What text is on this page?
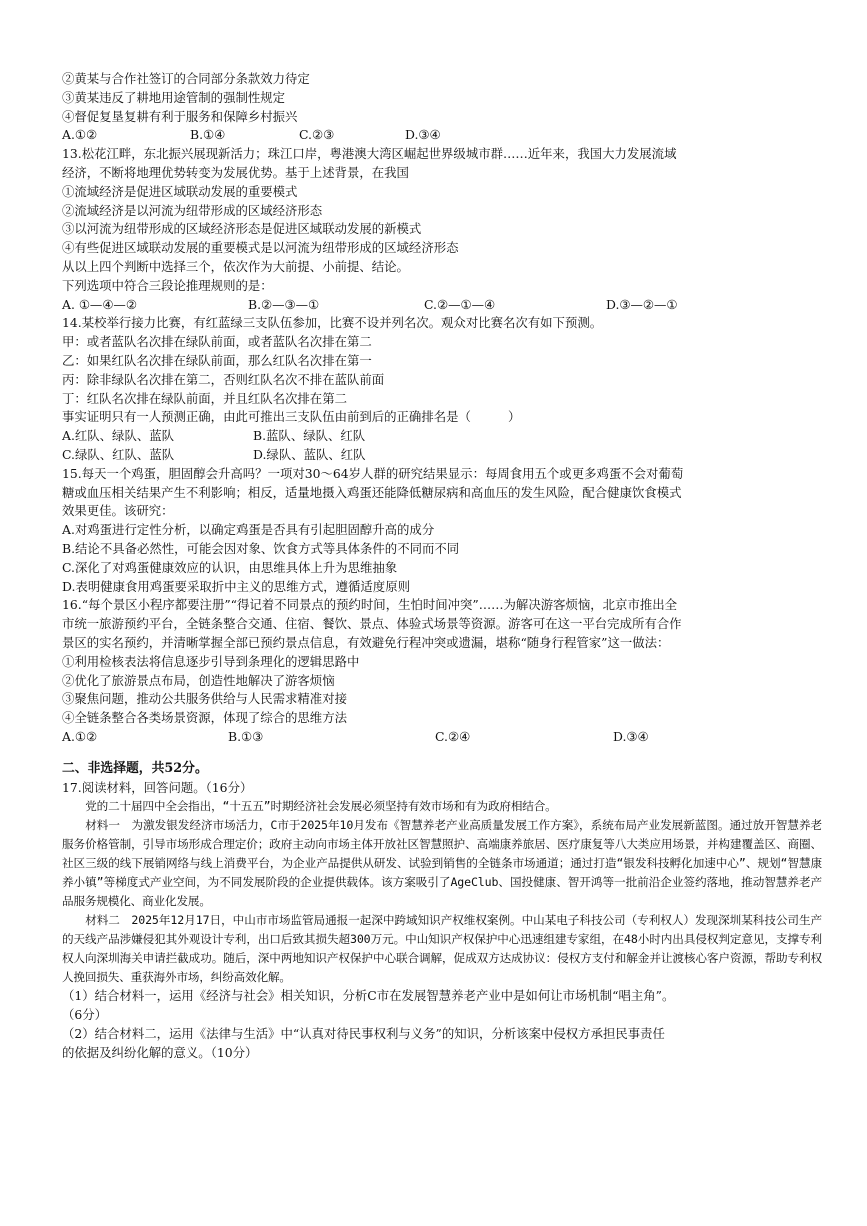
②黄某与合作社签订的合同部分条款效力待定
③黄某违反了耕地用途管制的强制性规定
④督促复垦复耕有利于服务和保障乡村振兴
A.①②	B.①④	C.②③	D.③④
13.松花江畔，东北振兴展现新活力；珠江口岸，粤港澳大湾区崛起世界级城市群……近年来，我国大力发展流域
经济，不断将地理优势转变为发展优势。基于上述背景，在我国
①流域经济是促进区域联动发展的重要模式
②流域经济是以河流为纽带形成的区域经济形态
③以河流为纽带形成的区域经济形态是促进区域联动发展的新模式
④有些促进区域联动发展的重要模式是以河流为纽带形成的区域经济形态
从以上四个判断中选择三个，依次作为大前提、小前提、结论。
下列选项中符合三段论推理规则的是：
A. ①—④—②	B.②—③—①	C.②—①—④	D.③—②—①
14.某校举行接力比赛，有红蓝绿三支队伍参加，比赛不设并列名次。观众对比赛名次有如下预测。
甲：或者蓝队名次排在绿队前面，或者蓝队名次排在第二
乙：如果红队名次排在绿队前面，那么红队名次排在第一
丙：除非绿队名次排在第二，否则红队名次不排在蓝队前面
丁：红队名次排在绿队前面，并且红队名次排在第二
事实证明只有一人预测正确，由此可推出三支队伍由前到后的正确排名是（　　　）
A.红队、绿队、蓝队	B.蓝队、绿队、红队
C.绿队、红队、蓝队	D.绿队、蓝队、红队
15.每天一个鸡蛋，胆固醇会升高吗？一项对30～64岁人群的研究结果显示：每周食用五个或更多鸡蛋不会对葡萄
糖或血压相关结果产生不利影响；相反，适量地摄入鸡蛋还能降低糖尿病和高血压的发生风险，配合健康饮食模式
效果更佳。该研究：
A.对鸡蛋进行定性分析，以确定鸡蛋是否具有引起胆固醇升高的成分
B.结论不具备必然性，可能会因对象、饮食方式等具体条件的不同而不同
C.深化了对鸡蛋健康效应的认识，由思维具体上升为思维抽象
D.表明健康食用鸡蛋要采取折中主义的思维方式，遵循适度原则
16.“每个景区小程序都要注册”“得记着不同景点的预约时间，生怕时间冲突”……为解决游客烦恼，北京市推出全
市统一旅游预约平台，全链条整合交通、住宿、餐饮、景点、体验式场景等资源。游客可在这一平台完成所有合作
景区的实名预约，并清晰掌握全部已预约景点信息，有效避免行程冲突或遗漏，堪称“随身行程管家”这一做法：
①利用检核表法将信息逐步引导到条理化的逻辑思路中
②优化了旅游景点布局，创造性地解决了游客烦恼
③聚焦问题，推动公共服务供给与人民需求精准对接
④全链条整合各类场景资源，体现了综合的思维方法
A.①②	B.①③	C.②④	D.③④
二、非选择题，共52分。
17.阅读材料，回答问题。（16分）
党的二十届四中全会指出，“十五五”时期经济社会发展必须坚持有效市场和有为政府相结合。
材料一　为激发银发经济市场活力，C市于2025年10月发布《智慧养老产业高质量发展工作方案》，系统布局产业发展新蓝图。通过放开智慧养老服务价格管制，引导市场形成合理定价；政府主动向市场主体开放社区智慧照护、高端康养旅居、医疗康复等八大类应用场景，并构建覆盖区、商圈、社区三级的线下展销网络与线上消费平台，为企业产品提供从研发、试验到销售的全链条市场通道；通过打造“银发科技孵化加速中心”、规划“智慧康养小镇”等梯度式产业空间，为不同发展阶段的企业提供载体。该方案吸引了AgeClub、国投健康、智开鸿等一批前沿企业签约落地，推动智慧养老产品服务规模化、商业化发展。
材料二　2025年12月17日，中山市市场监管局通报一起深中跨域知识产权维权案例。中山某电子科技公司（专利权人）发现深圳某科技公司生产的天线产品涉嫌侵犯其外观设计专利，出口后致其损失超300万元。中山知识产权保护中心迅速组建专家组，在48小时内出具侵权判定意见，支撑专利权人向深圳海关申请拦截成功。随后，深中两地知识产权保护中心联合调解，促成双方达成协议：侵权方支付和解金并让渡核心客户资源，帮助专利权人挽回损失、重获海外市场，纠纷高效化解。
（1）结合材料一，运用《经济与社会》相关知识，分析C市在发展智慧养老产业中是如何让市场机制“唱主角”。
（6分）
（2）结合材料二，运用《法律与生活》中“认真对待民事权利与义务”的知识，分析该案中侵权方承担民事责任
的依据及纠纷化解的意义。（10分）
